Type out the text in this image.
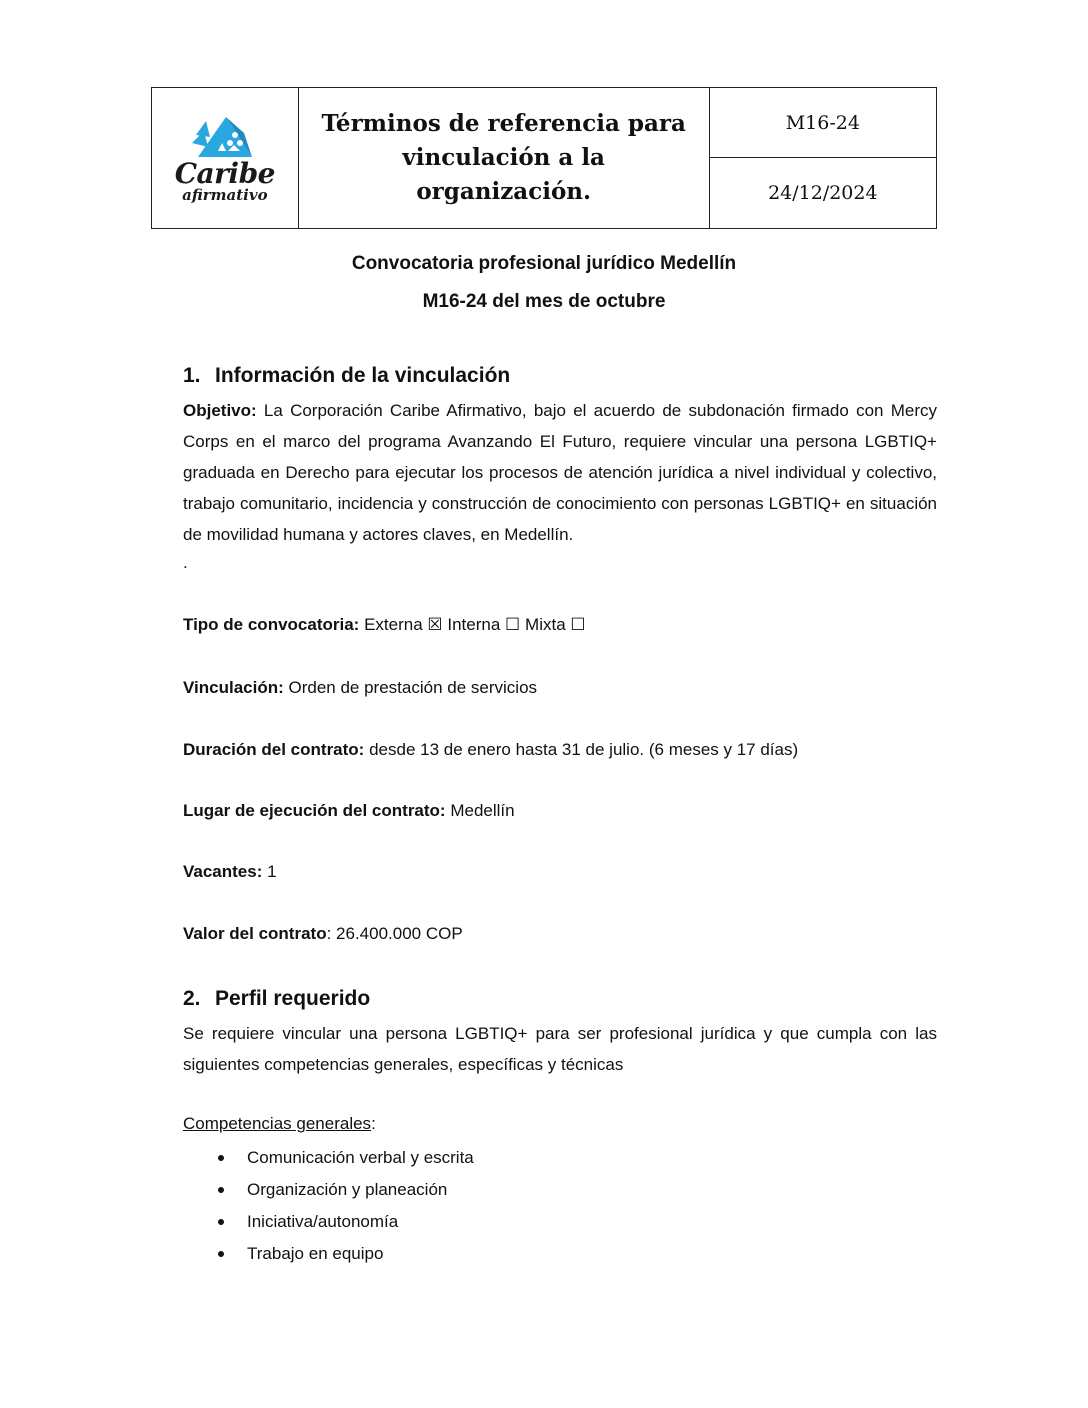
Caribe
afirmativo

Términos de referencia para vinculación a la organización.
	M16-24
24/12/2024
Convocatoria profesional jurídico Medellín
M16-24 del mes de octubre
1. Información de la vinculación
Objetivo: La Corporación Caribe Afirmativo, bajo el acuerdo de subdonación firmado con Mercy Corps en el marco del programa Avanzando El Futuro, requiere vincular una persona LGBTIQ+ graduada en Derecho para ejecutar los procesos de atención jurídica a nivel individual y colectivo, trabajo comunitario, incidencia y construcción de conocimiento con personas LGBTIQ+ en situación de movilidad humana y actores claves, en Medellín.
.
Tipo de convocatoria: Externa ☒ Interna ☐ Mixta ☐
Vinculación: Orden de prestación de servicios
Duración del contrato: desde 13 de enero hasta 31 de julio. (6 meses y 17 días)
Lugar de ejecución del contrato: Medellín
Vacantes: 1
Valor del contrato: 26.400.000 COP
2. Perfil requerido
Se requiere vincular una persona LGBTIQ+ para ser profesional jurídica y que cumpla con las siguientes competencias generales, específicas y técnicas
Competencias generales:
Comunicación verbal y escrita
Organización y planeación
Iniciativa/autonomía
Trabajo en equipo
